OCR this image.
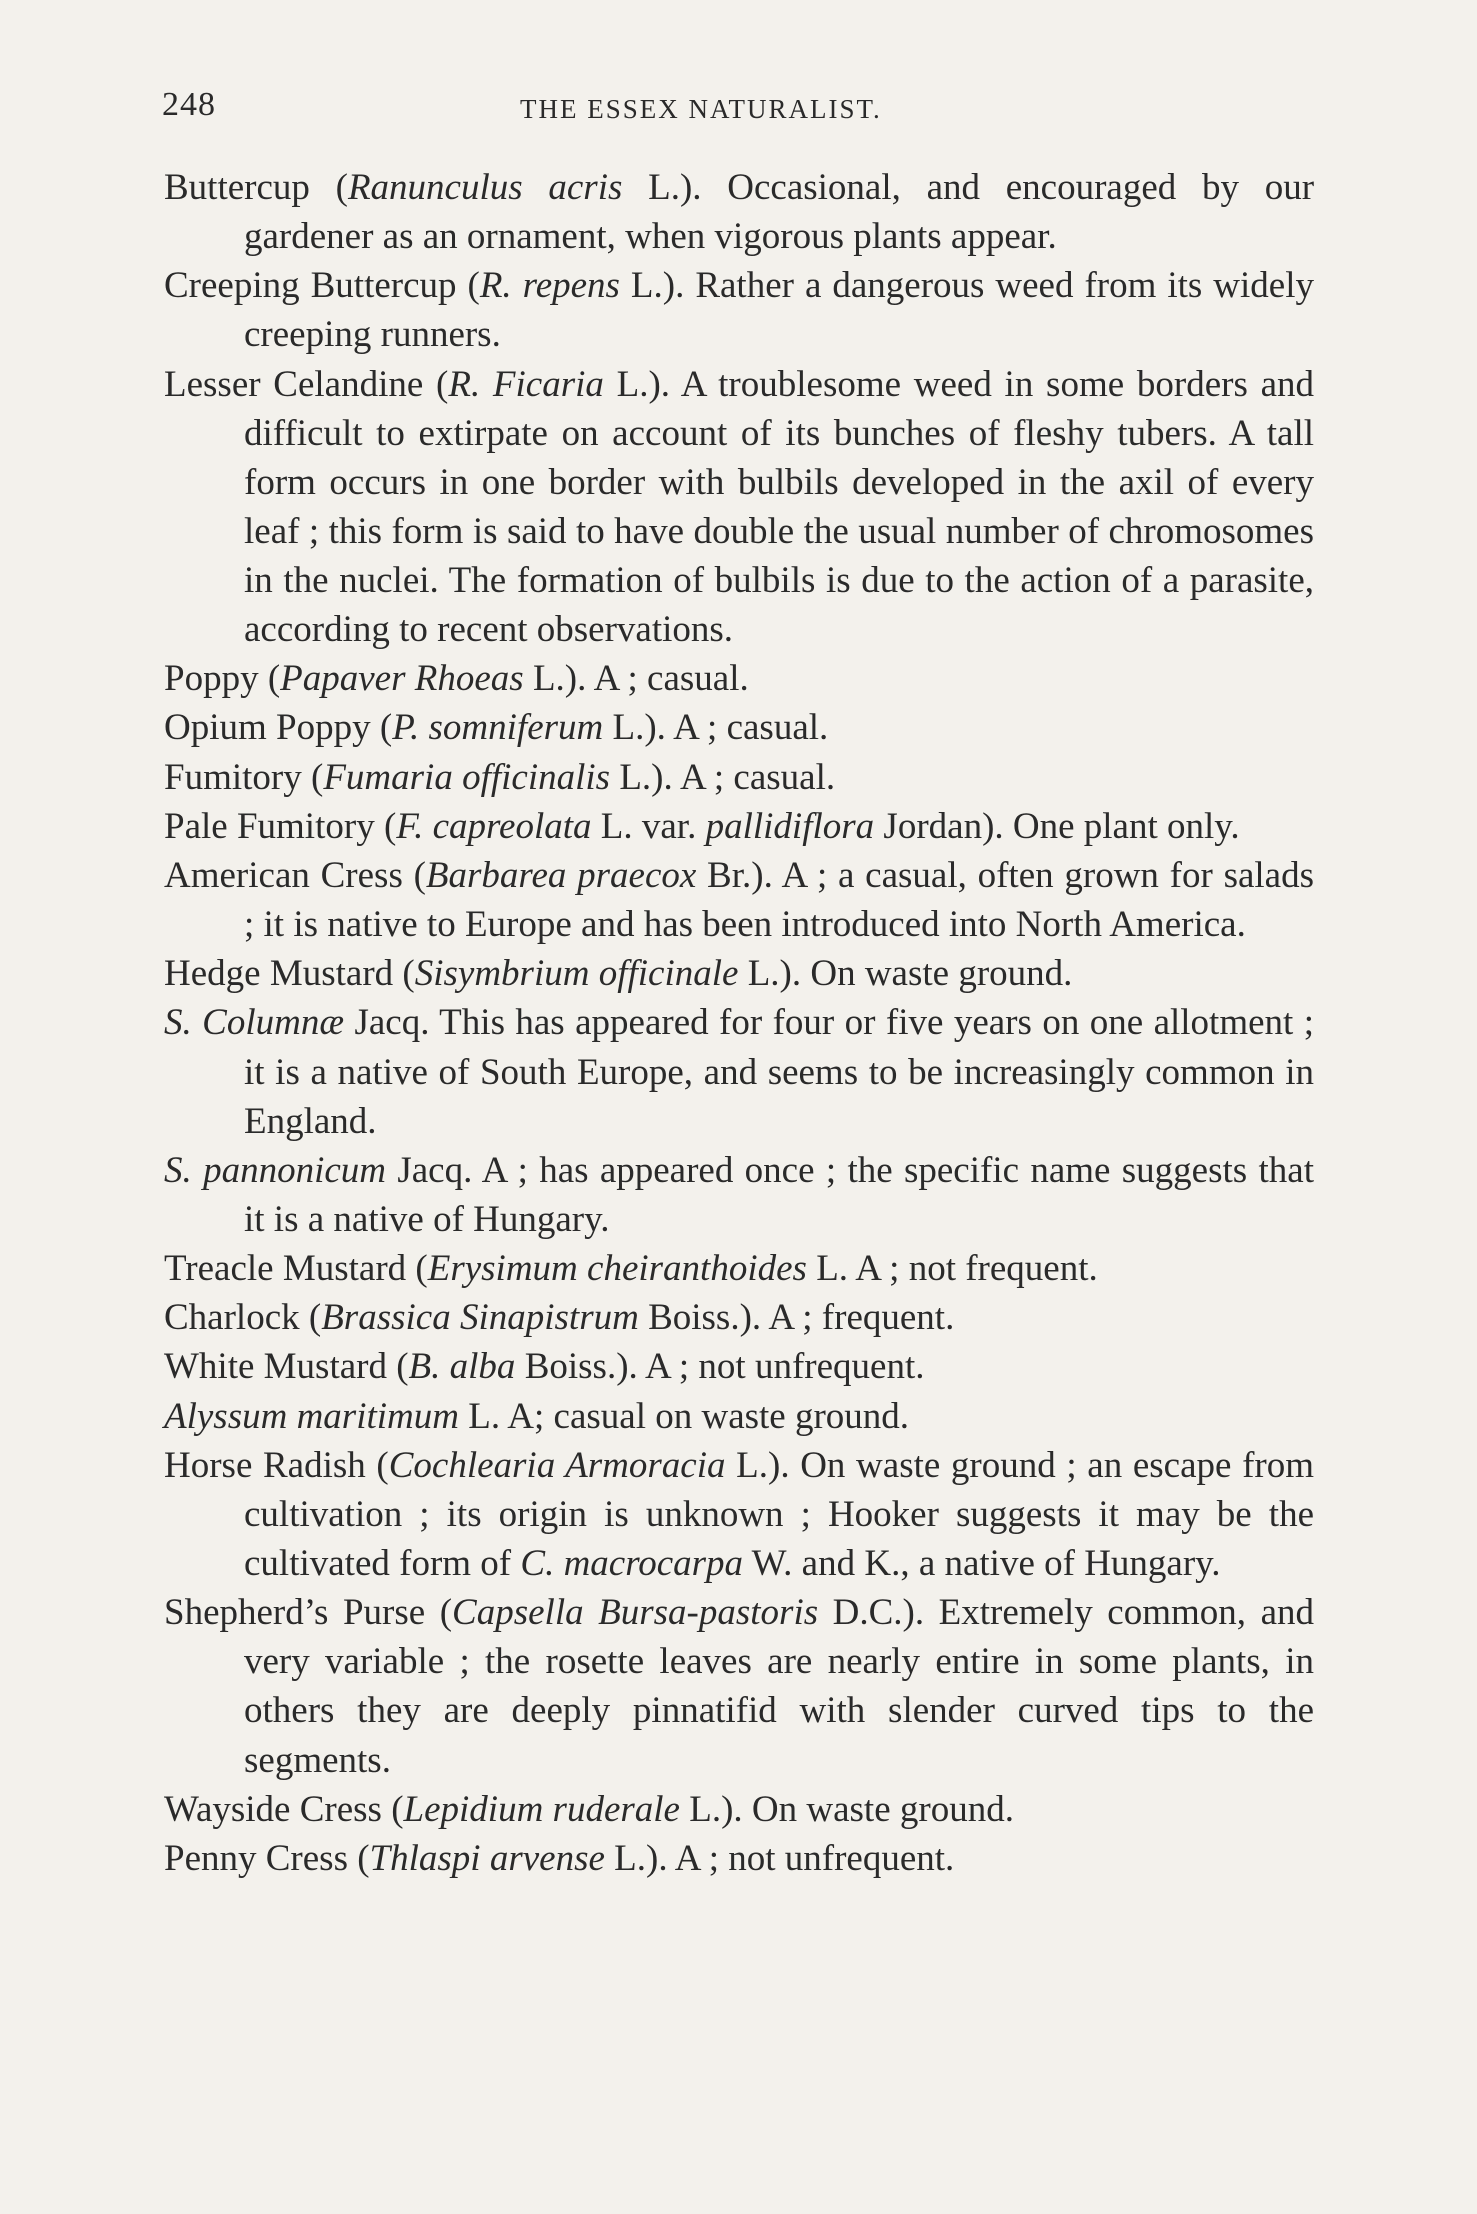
248	THE ESSEX NATURALIST.

Buttercup (Ranunculus acris L.). Occasional, and encouraged by our gardener as an ornament, when vigorous plants appear.

Creeping Buttercup (R. repens L.). Rather a dangerous weed from its widely creeping runners.

Lesser Celandine (R. Ficaria L.). A troublesome weed in some borders and difficult to extirpate on account of its bunches of fleshy tubers. A tall form occurs in one border with bulbils developed in the axil of every leaf ; this form is said to have double the usual number of chromosomes in the nuclei. The formation of bulbils is due to the action of a parasite, according to recent observations.

Poppy (Papaver Rhoeas L.). A ; casual.

Opium Poppy (P. somniferum L.). A ; casual.

Fumitory (Fumaria officinalis L.). A ; casual.

Pale Fumitory (F. capreolata L. var. pallidiflora Jordan). One plant only.

American Cress (Barbarea praecox Br.). A ; a casual, often grown for salads ; it is native to Europe and has been introduced into North America.

Hedge Mustard (Sisymbrium officinale L.). On waste ground.

S. Columnæ Jacq. This has appeared for four or five years on one allotment ; it is a native of South Europe, and seems to be increasingly common in England.

S. pannonicum Jacq. A ; has appeared once ; the specific name suggests that it is a native of Hungary.

Treacle Mustard (Erysimum cheiranthoides L. A ; not frequent.

Charlock (Brassica Sinapistrum Boiss.). A ; frequent.

White Mustard (B. alba Boiss.). A ; not unfrequent.

Alyssum maritimum L. A; casual on waste ground.

Horse Radish (Cochlearia Armoracia L.). On waste ground ; an escape from cultivation ; its origin is unknown ; Hooker suggests it may be the cultivated form of C. macrocarpa W. and K., a native of Hungary.

Shepherd’s Purse (Capsella Bursa-pastoris D.C.). Extremely common, and very variable ; the rosette leaves are nearly entire in some plants, in others they are deeply pinnatifid with slender curved tips to the segments.

Wayside Cress (Lepidium ruderale L.). On waste ground.

Penny Cress (Thlaspi arvense L.). A ; not unfrequent.
